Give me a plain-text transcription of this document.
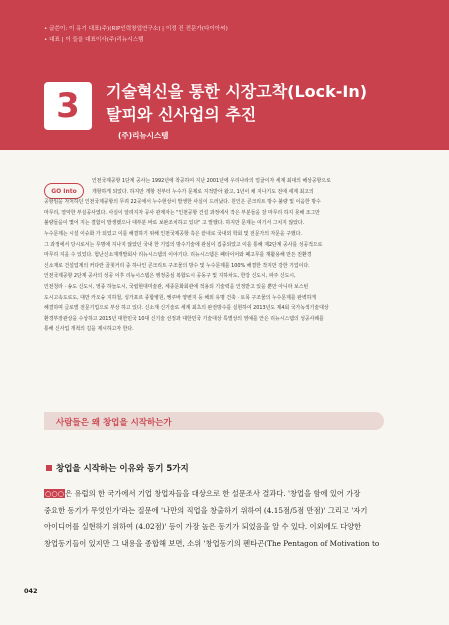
• 글쓴이: 이 유기 대표(주)(RIP인력창업연구소) | 이정 진 전문가(다이아씨)
• 대표 | 이 들을 대표이사(주)리뉴시스템
3 기술혁신을 통한 시장고착(Lock-In)
탈피와 신사업의 추진
(주)리뉴시스템
GO Into
인천국제공항 1단계 공사는 1992년에 착공하여 지난 2001년에 우리나라의 얼굴이자 세계 최대의 해상공항으로
개항하게 되었다. 하지만 개항 전부터 누수가 문제로 지적받아 왔고, 1년이 채 지나기도 전에 세계 최고의
공항임을 자처하던 인천국제공항의 무려 22곳에서 누수현상이 발생한 사실이 드러났다. 원인은 콘크리트 방수 불량 및 이음한 방수
마무리, 열악한 부실공사였다. 사실이 알려지자 공사 관계자는 "인천공항 건설 과정에서 작은 부분들을 잘 마무리 하지 못해 조그만
불량들을이 몇어 지는 결함이 발생했으나 대부분 바로 보완조치하고 있다" 고 말했다. 하지만 문제는 여기서 그치지 않았다.
누수문제는 시설 이슈화 가 되었고 이를 해결하기 위해 인천국제공항 측은 끝내로 국내외 학회 및 전문가의 자문을 구했다.
그 과정에서 당시로서는 무명에 지나지 않았던 국내 한 기업의 방수기술에 관심이 집중되었고 이를 통해 제2단계 공사를 성공적으로
마무리 지을 수 있었다. 험난신소재개발회사 리뉴시스템의 이야기다. 리뉴시스템은 폐타이어와 폐고무를 재활용해 만든 친환경
신소재로 건설업계의 커다란 골칫거리 중 하나인 콘크리트 구조물의 방수 및 누수문제를 100% 해결한 작지만 강한 기업이다.
인천국제공항 2단계 공사의 성공 이후 리뉴시스템은 행정중심 복합도시 공동구 및 지하차도, 한강 신도시, 파주 신도시,
인천청라 · 송도 신도시, 영종 하늘도시, 국립현대미술관, 세종문화회관에 적용되 기술력을 인정받고 있을 뿐만 아니라 보스턴
도시고속도로도, 대만 카오슝 지하철, 싱가포르 종합병원, 쌩쿠바 양변지 등 해외 유명 건축 · 토목 구조물의 누수문제를 완벽하게
해결하며 글로벌 전문기업으로 부상 하고 있다. 신소재 신기술로 세계 최초의 완전방수를 실현하여 2013년도 제4회 국가녹색기술대상
환경부장관상을 수상하고 2015년 대한민국 10대 신기술 선정과 대한민국 기술대상 특별상의 영예를 안은 리뉴시스템의 성공사례를
통해 신사업 개척의 길을 제시하고자 한다.
사람들은 왜 창업을 시작하는가
창업을 시작하는 이유와 동기 5가지
○○○은 유럽의 한 국가에서 기업 창업자들을 대상으로 한 설문조사 결과다. '창업을 함에 있어 가장
중요한 동기가 무엇인가'라는 질문에 '나만의 직업을 창출하기 위하여 (4.15점/5점 만점)' 그리고 '자기
아이디어를 실현하기 위하여 (4.02점)' 등이 가장 높은 동기가 되었음을 알 수 있다. 이외에도 다양한
창업동기들이 있지만 그 내용을 종합해 보면, 소위 '창업동기의 펜타곤(The Pentagon of Motivation to
042
